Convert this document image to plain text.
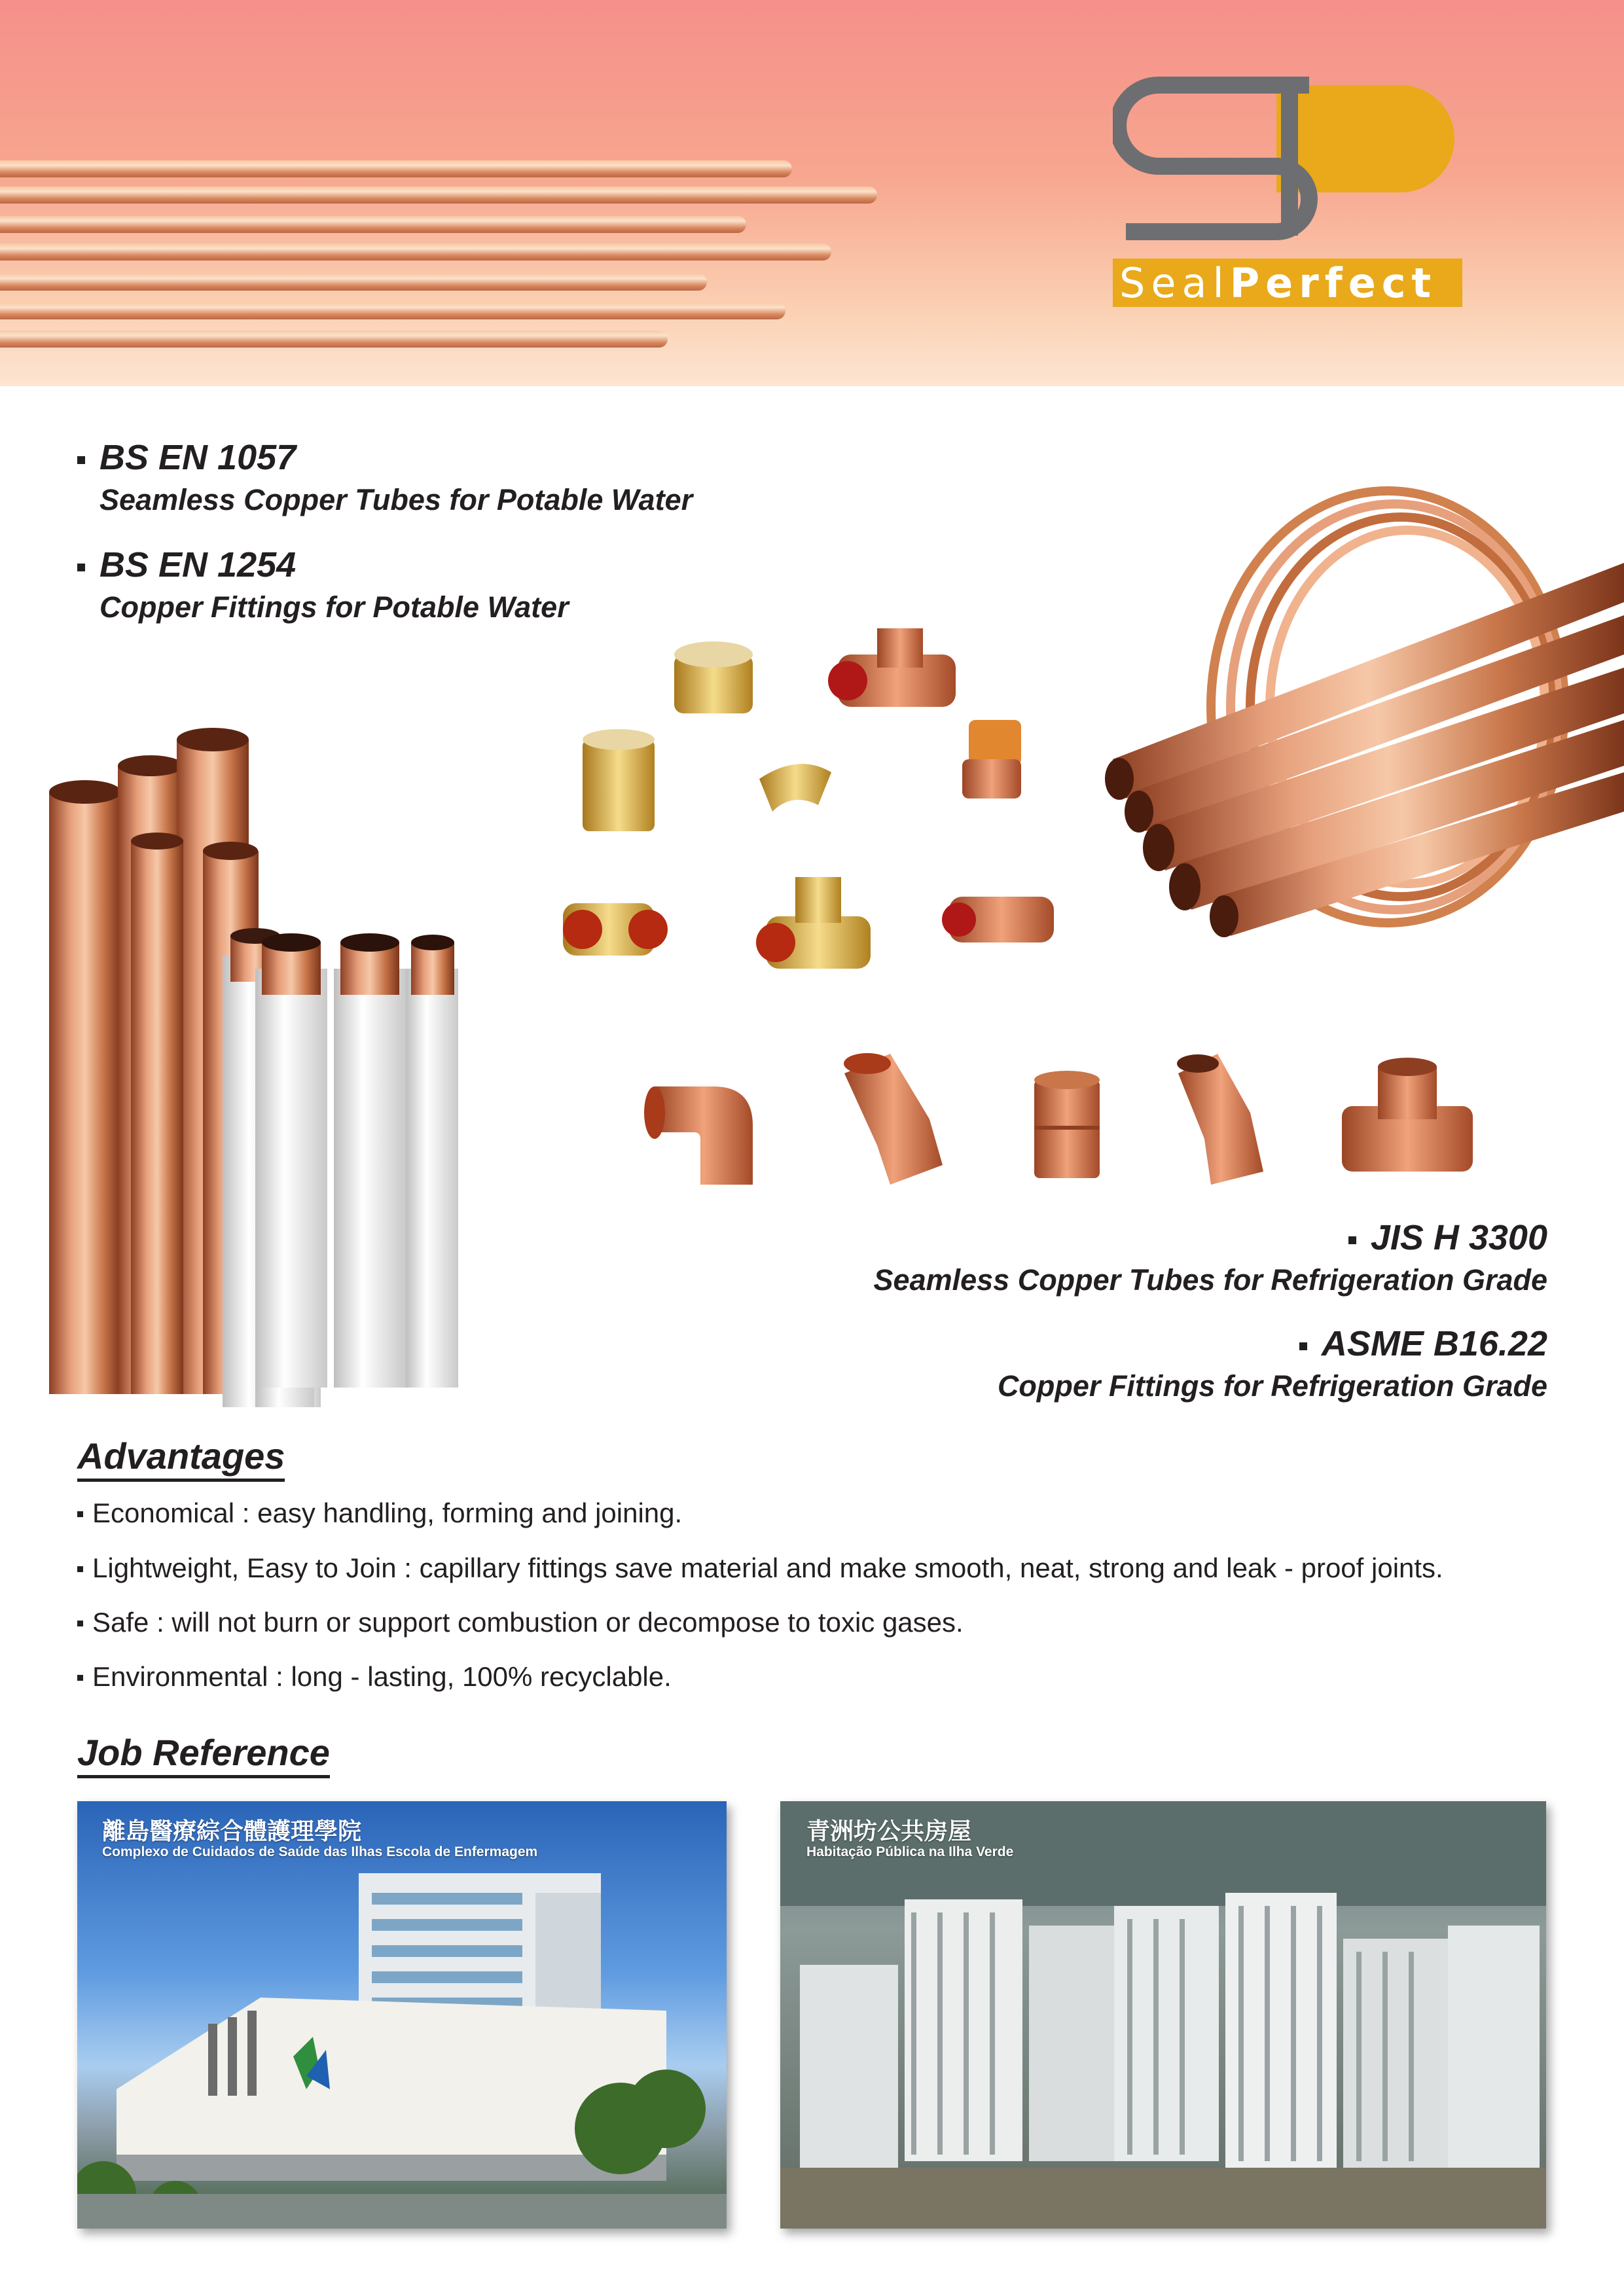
Seal Perfect
BS EN 1057
Seamless Copper Tubes for Potable Water
BS EN 1254
Copper Fittings for Potable Water
JIS H 3300
Seamless Copper Tubes for Refrigeration Grade
ASME B16.22
Copper Fittings for Refrigeration Grade
Advantages
Economical : easy handling, forming and joining.
Lightweight, Easy to Join : capillary fittings save material and make smooth, neat, strong and leak - proof joints.
Safe : will not burn or support combustion or decompose to toxic gases.
Environmental : long - lasting, 100% recyclable.
Job Reference
離島醫療綜合體護理學院
Complexo de Cuidados de Saúde das Ilhas Escola de Enfermagem
青洲坊公共房屋
Habitação Pública na Ilha Verde
